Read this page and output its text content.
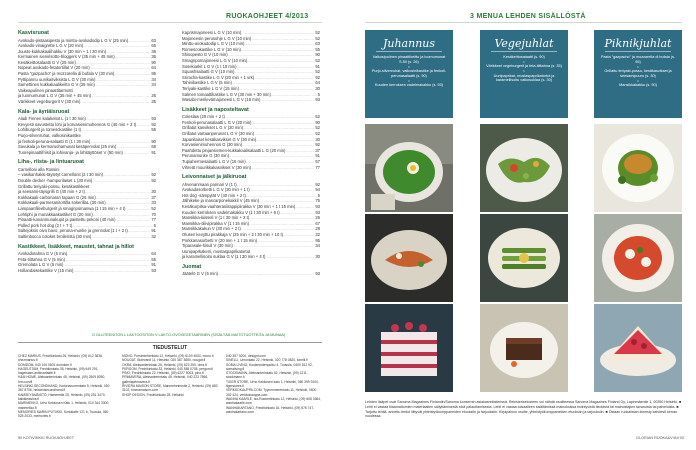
RUOKAOHJEET 4/2013	3 MENUA LEHDEN SISÄLLÖSTÄ
Kasvisruoat
Avokado-pistaasipesto ja minttu-avokadodip L G V (25 min) .....	63
Avokado-vinaigrette L G V (20 min) .....	65
Juusto-kukkakaalihakku V (30 min + 1 t 30 min) .....	36
Kermainen sienirisotto-bloggers V (35 min + 45 min) .....	36
Kesäkeittosalaatti G V (25 min) .....	90
Nopeat avokado-fetatortillat V (20 min) .....	64
Pasta "gazpacho" ja mozzarella di bufala V (30 min) .....	95
Pyttipannu uunikasviksista L G V (30 min) .....	34
Samettinen kukkakaalikeitto G V (25 min) .....	34
Vaikeapulinen pinaattitarmotti
ja luomumunat L G V (35 min + 45 min) .....	26
Värikkeet vegeburgerit V (30 min) .....	35
Kala- ja äyriäisruoat
Aladi Finnen kalakeitot L (1 t 30 min) .....	93
Kevyesti savustettu lohi ja korvasienimuhennos G (40 min + 2 t) .....	92
Lohiburgerit ja romesckastike (1 t) .....	55
Purjo-silvenruhat, valkosinikastike
ja fenkoli-peruna-salaatti G (1 t 30 min) .....	90
Savukala ja kermaruohamunat kesäpervolat (25 min) .....	68
Tuorepinaattifriisit ja lohivanja- ja lohitäyttöset V (50 min) .....	91
Liha-, riista- ja lintuaruoat
Carnelloni alla Rossini
– vasikanhakki-täytetyt carnellonit (2 t 30 min) .....	92
Double decker -hampurilaiset L (30 min) .....	92
Grillattu teriyaki-possu, kesäkastikkeet
ja seesami-täysgrilli G (40 min + 2 t) .....	30
Kukkakaali-carbonaran tapaan G (25 min) .....	37
Kukkakaali-parmesanitortilla sokerillaL (30 min) .....	33
Lampaanfileeburgerit ja smagnpomanwa (1 t 15 min + 4 t) .....	52
Lehtiphi ja munakkaakastiket G (20 min) .....	70
Pinaatti-kananmunakupit ja paistettu pekoni (40 min) .....	77
Pulled pork hot dog (2 t + 7 t) .....	5
Saltejoksin oivo bavo, peruna-munke ja grennolat (1 t + 2 t) .....	91
Saltimbocca cotoket broilerista (30 min) .....	32
Kastikkeet, lisäkkeet, maustet, tahnat ja hillot
Avokadotahna G V (5 min) .....	64
Feta-tiittahna G V (5 min) .....	55
Gremolata L G V (5 min) .....	91
Hollandaisekastike V (15 min) .....	93
Kaprismajoneesi L G V (10 min) .....	52
Majoneesin perusohje L G V (10 min) .....	52
Minttu-avokadodip L G V (10 min) .....	63
Romescokastike L G V (10 min) .....	55
Shisopesto G V (10 min) .....	90
Smagnpomajoneesi L G V (10 min) .....	52
Sosekiarkit L G V (1 t 10 min) .....	91
Squashsalaatti G V (10 min) .....	52
Srirachа-kastike L G V (20 min + 1 vrk) .....	92
Tahinikastike L G V (5 min) .....	64
Teriyaki-kastike L G V (15 min) .....	30
Salmen tomaattikastike L G V (30 min + 30 min) .....	5
Wasabi-merilevämajoneesi L G V (15 min) .....	93
Lisäkkeet ja naposteltavat
Coleslaw (20 min + 2 t) .....	52
Fenkoli-perunasalaatti L G V (20 min) .....	90
Grillatut kasvikset L G V (20 min) .....	52
Grillatut vartaanperunat L G V (30 min) .....	52
Japanilaiset kesäkasvikset G V (30 min) .....	30
Korvasienimuhennos G (30 min) .....	92
Paahdettu pinjansiemen-kukkakaalisalaatti L G (20 min) .....	37
Perunamunke G (30 min) .....	91
Tupiahermesalaatti L G V (15 min) .....	57
Vihreät muurikkakasvikset V (30 min) .....	77
Leivonnaiset ja jälkiruoat
Ahvenanmaan pannari V (1 t) .....	92
Avokadosorbetti L G V (30 min + 1 t) .....	94
Hot dog -sämpylät V (40 min + 2 t) .....	5
Jälhikeke ja mascarponekakkil V (45 min) .....	75
Kesäkurpitsa-vaahterasiirappipiirakka V (30 min + 1 t 15 min) .....	93
Kuuden kerroksen vadelmakakku V (1 t 30 min + 6 t) .....	93
Mansikka-kiisseli V (1 t 30 min + 2 t) .....	26
Mansikka-oliivipirakka V (1 t 15 min) .....	67
Mansikkakakun V (30 min + 2 t) .....	28
Olusen kevyttu pirakkaja V (25 min + 2 t 30 min + 10 t) .....	32
Porkkanasorbetti V (20 min + 1 t 15 min) .....	95
Tiparasale-hisuli V (30 min) .....	34
Uunipaprkakeni, mustaspaprikatortut
ja karamellisoitu suklaa G V (1 t 30 min + 4 t) .....	30
Juomat
Jäätelö G V (5 min) .....	93
G GLUTEENITON L LAKTOOSITON V LAKTO-OVOVEGETAARINEN (SISÄLTÄÄ MAITOTUOTTEITA JA MUNAA)
TIEDUSTELUT
CHEZ MARIUS, Fredrikinkatu 26, Helsinki, (09) 612 3636, chezmarius.fi
DOMDOM, 040 194 0801 domdom.fi
HAGELSTAM, Fredrikinkatu 35, Helsinki, (09) 649 291, hagelstam-antikvariaatti.fi
H&M HOME, Aleksanterinkatu 45, Helsinki, (09) 2509 8050, hm.com/fi
HELSINKI SECONDHAND, Korkeavuorenkatu 5, Helsinki, 050 367 8706, helsinkisecondhand.fi
KAMSEYÄMÄISTÖ, Hämeentie 25, Helsinki, (09) 251 3470, kaikkielaviva.fi
MARIMEKKO, Urho Kekkosen Katu 1, Helsinki, 010 344 3300, marimekko.fi
MEMORIES MARIN PUTIIKKI, Korkkiatie 121 b, Tuusula, 050 525 2033, memories.fi
MONO, Pursimiehenkatu 12, Helsinki, (09) 6100 4000, mono.fi
NOUGAT, Bulevardi 11, Helsinki, 020 387 3880, nougat.fi
OKRA, Aleksanterinkatu 26, Helsinki, (09) 623 250, okra.fi
PERGOM, Fredrikinkatu 33, Helsinki, 040 555 0705, pergom.fi
PINO, Fredrikinkatu 22, Helsinki, (09) 6227 5003, pino.fi
PRIMAVERA, Aleksanterinkatu 45, Helsinki, 040 223 7566, galleriaprimavera.fi
RIVIERA MAISON STORE, Mannerheimintie 2, Helsinki, (09) 680 3102, rivieramaison.com
SHOP DESIGN, Fredrikinkatu 28, Helsinki
040 357 9200, designt.com
SINELLI, Umonkatu 22, Helsinki, 020 778 0820, sinelli.fi
SOMA LIVING, Koulenmäenpolku 4, Tuusula, 0400 512 92, somaliving.fi
STOCKMANN, Aleksanterinkatu 52, Helsinki, (09) 1211, stockmann.fi
TIGER STORE, Urho Kekkosen katu 1, Helsinki, 050 399 9100, tigerstores.fi
VERKKOKAUPPA.COM, Tyynenmerenkatu 11, Helsinki, 0600 302 424, verkkokauppa.com
WANHA KAARLE, Iso-Roobertinkatu 12, Helsinki, (09) 608 3364, wanhakaarle.com
WANHAKARTANO, Fredrikinkatu 16, Helsinki, (09) 676 747, wanhakartano.com
90 KOTIVINKKI RUOKAOHJEET	GLORIAN RUOKA&VIINI 93
Juhannus
Valkosipulinen pinaattikeitto ja luomumunat S.50 (s. 26)
•
Purjo-silvenruhat, valkosinikastike ja fenkoli-perunasalaatti (s. 90)
•
Kuuden kerroksen vadelmakakku (s. 93)
Vegejuhlat
Kesäkeittosalaatti (s. 90)
•
Värikkeet vegeburgerit ja feta-tiittahna (s. 35)
•
Uunipaprikat, mustaspaprikatortut ja karamellisoitu valkosuklaa (s. 30)
Piknikjuhlat
Pasta "gazpacho" ja mozzarella di bufala (s. 95)
•
Grillattu teriyaki-possu, kesäkasvikset ja seesamipuuro (s. 30)
•
Mansikkakakku (s. 90)
Lehden lisäpet ovat Sanoma Magazines Finlandin/Sanoma konsernin asiakasrekisterissä. Rekisteriselosteen voi nähdä osoitteessa Sanoma Magazines Finland Oy, Lapinmäentie 1, 00350 Helsinki. ■ Lehti ei vastaa tilaamattomien materiaalien säilyttämisestä eikä palauttamisesta. Lehti ei vastaa toisaalleen sisältämissä mainoksissa esiintyvistä tiedoista tai mainostajien tavaroista tai palveluista. ■ Tarjottu lehtiä, annettu tiedot liittyvät yhteistyökumppaneiden etuuksiin ja tarjouksiin. Kirjapainon osoite, yhteistyökumppaneiden etuuksiin ja tarjouksiin. ■ Ostaan ruokalistan ilmeisty kahdesti kerran vuodessa.
